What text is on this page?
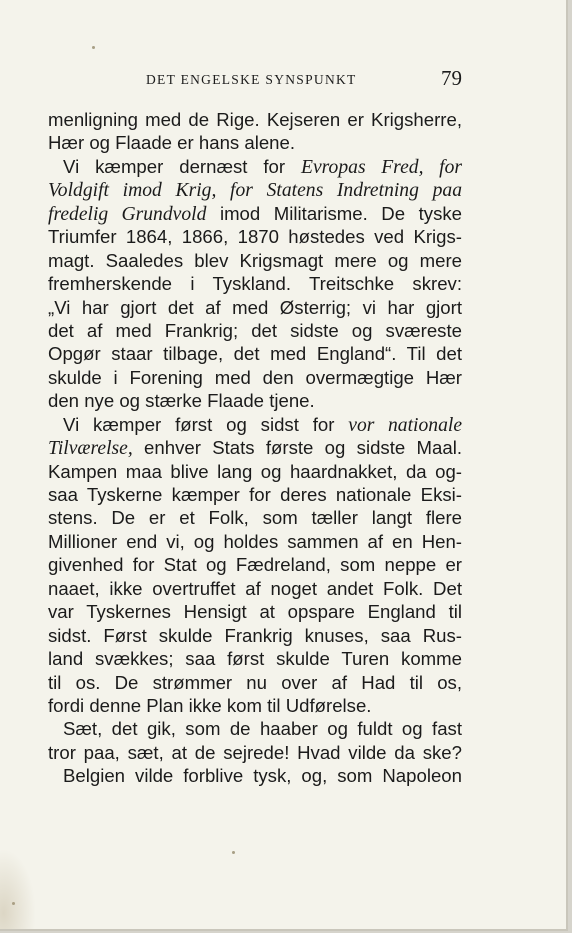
DET ENGELSKE SYNSPUNKT	79
menligning med de Rige. Kejseren er Krigsherre,
Hær og Flaade er hans alene.
Vi kæmper dernæst for Evropas Fred, for
Voldgift imod Krig, for Statens Indretning paa
fredelig Grundvold imod Militarisme. De tyske
Triumfer 1864, 1866, 1870 høstedes ved Krigs-
magt. Saaledes blev Krigsmagt mere og mere
fremherskende i Tyskland. Treitschke skrev:
„Vi har gjort det af med Østerrig; vi har gjort
det af med Frankrig; det sidste og sværeste
Opgør staar tilbage, det med England“. Til det
skulde i Forening med den overmægtige Hær
den nye og stærke Flaade tjene.
Vi kæmper først og sidst for vor nationale
Tilværelse, enhver Stats første og sidste Maal.
Kampen maa blive lang og haardnakket, da og-
saa Tyskerne kæmper for deres nationale Eksi-
stens. De er et Folk, som tæller langt flere
Millioner end vi, og holdes sammen af en Hen-
givenhed for Stat og Fædreland, som neppe er
naaet, ikke overtruffet af noget andet Folk. Det
var Tyskernes Hensigt at opspare England til
sidst. Først skulde Frankrig knuses, saa Rus-
land svækkes; saa først skulde Turen komme
til os. De strømmer nu over af Had til os,
fordi denne Plan ikke kom til Udførelse.
Sæt, det gik, som de haaber og fuldt og fast
tror paa, sæt, at de sejrede! Hvad vilde da ske?
Belgien vilde forblive tysk, og, som Napoleon
